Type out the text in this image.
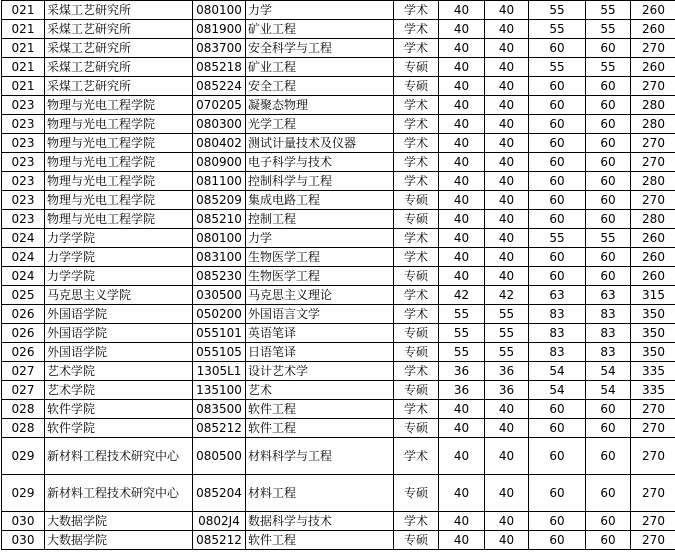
021	采煤工艺研究所	080100	力学	学术	40	40	55	55	260
021	采煤工艺研究所	081900	矿业工程	学术	40	40	55	55	260
021	采煤工艺研究所	083700	安全科学与工程	学术	40	40	60	60	270
021	采煤工艺研究所	085218	矿业工程	专硕	40	40	55	55	260
021	采煤工艺研究所	085224	安全工程	专硕	40	40	60	60	270
023	物理与光电工程学院	070205	凝聚态物理	学术	40	40	60	60	280
023	物理与光电工程学院	080300	光学工程	学术	40	40	60	60	280
023	物理与光电工程学院	080402	测试计量技术及仪器	学术	40	40	60	60	270
023	物理与光电工程学院	080900	电子科学与技术	学术	40	40	60	60	270
023	物理与光电工程学院	081100	控制科学与工程	学术	40	40	60	60	280
023	物理与光电工程学院	085209	集成电路工程	专硕	40	40	60	60	270
023	物理与光电工程学院	085210	控制工程	专硕	40	40	60	60	280
024	力学学院	080100	力学	学术	40	40	55	55	260
024	力学学院	083100	生物医学工程	学术	40	40	60	60	260
024	力学学院	085230	生物医学工程	专硕	40	40	60	60	260
025	马克思主义学院	030500	马克思主义理论	学术	42	42	63	63	315
026	外国语学院	050200	外国语言文学	学术	55	55	83	83	350
026	外国语学院	055101	英语笔译	专硕	55	55	83	83	350
026	外国语学院	055105	日语笔译	专硕	55	55	83	83	350
027	艺术学院	1305L1	设计艺术学	学术	36	36	54	54	335
027	艺术学院	135100	艺术	专硕	36	36	54	54	335
028	软件学院	083500	软件工程	学术	40	40	60	60	270
028	软件学院	085212	软件工程	专硕	40	40	60	60	270
029	新材料工程技术研究中心	080500	材料科学与工程	学术	40	40	60	60	270
029	新材料工程技术研究中心	085204	材料工程	专硕	40	40	60	60	270
030	大数据学院	0802J4	数据科学与技术	学术	40	40	60	60	270
030	大数据学院	085212	软件工程	专硕	40	40	60	60	270
